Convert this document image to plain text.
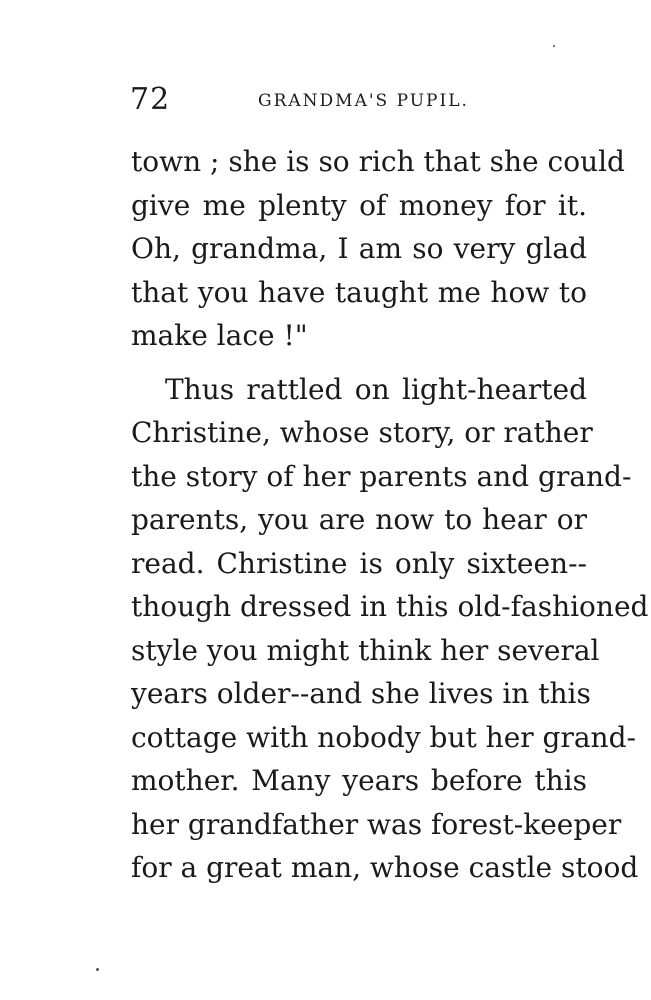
72	GRANDMA'S PUPIL.
town ; she is so rich that she could
give me plenty of money for it.
Oh, grandma, I am so very glad
that you have taught me how to
make lace !"
Thus rattled on light-hearted
Christine, whose story, or rather
the story of her parents and grand-
parents, you are now to hear or
read. Christine is only sixteen--
though dressed in this old-fashioned
style you might think her several
years older--and she lives in this
cottage with nobody but her grand-
mother. Many years before this
her grandfather was forest-keeper
for a great man, whose castle stood
